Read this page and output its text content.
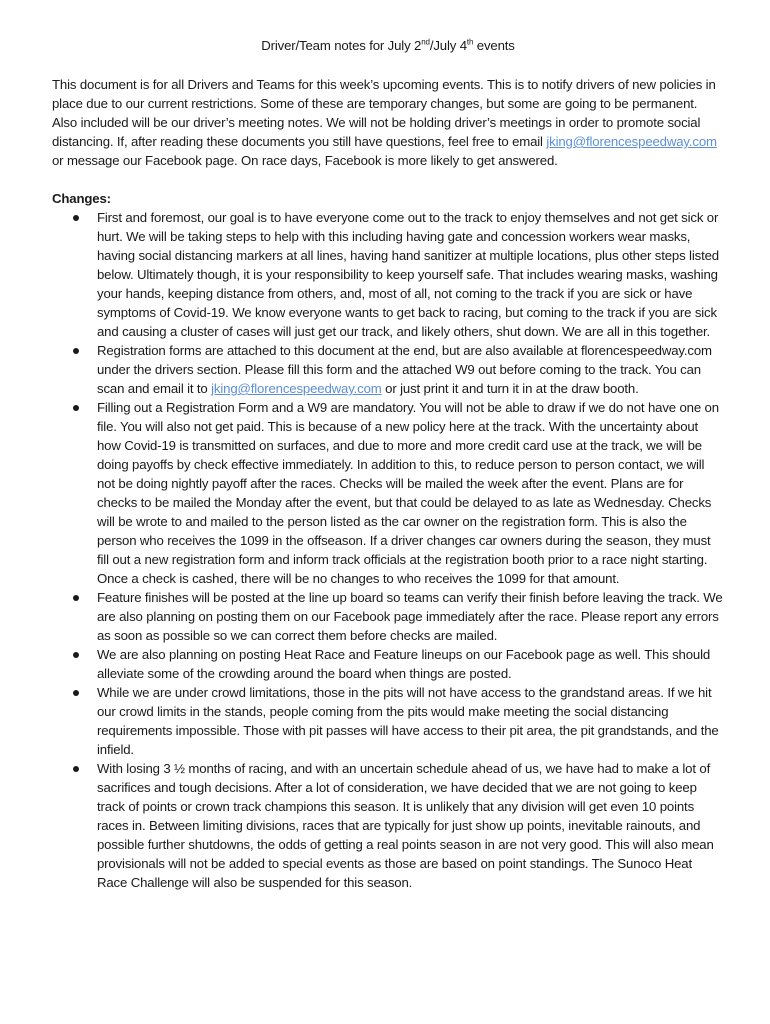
Driver/Team notes for July 2nd/July 4th events

This document is for all Drivers and Teams for this week’s upcoming events. This is to notify drivers of new policies in place due to our current restrictions. Some of these are temporary changes, but some are going to be permanent. Also included will be our driver’s meeting notes. We will not be holding driver’s meetings in order to promote social distancing. If, after reading these documents you still have questions, feel free to email jking@florencespeedway.com or message our Facebook page. On race days, Facebook is more likely to get answered.

Changes:

First and foremost, our goal is to have everyone come out to the track to enjoy themselves and not get sick or hurt. We will be taking steps to help with this including having gate and concession workers wear masks, having social distancing markers at all lines, having hand sanitizer at multiple locations, plus other steps listed below. Ultimately though, it is your responsibility to keep yourself safe. That includes wearing masks, washing your hands, keeping distance from others, and, most of all, not coming to the track if you are sick or have symptoms of Covid-19. We know everyone wants to get back to racing, but coming to the track if you are sick and causing a cluster of cases will just get our track, and likely others, shut down. We are all in this together.
Registration forms are attached to this document at the end, but are also available at florencespeedway.com under the drivers section. Please fill this form and the attached W9 out before coming to the track. You can scan and email it to jking@florencespeedway.com or just print it and turn it in at the draw booth.
Filling out a Registration Form and a W9 are mandatory. You will not be able to draw if we do not have one on file. You will also not get paid. This is because of a new policy here at the track. With the uncertainty about how Covid-19 is transmitted on surfaces, and due to more and more credit card use at the track, we will be doing payoffs by check effective immediately. In addition to this, to reduce person to person contact, we will not be doing nightly payoff after the races. Checks will be mailed the week after the event. Plans are for checks to be mailed the Monday after the event, but that could be delayed to as late as Wednesday. Checks will be wrote to and mailed to the person listed as the car owner on the registration form. This is also the person who receives the 1099 in the offseason. If a driver changes car owners during the season, they must fill out a new registration form and inform track officials at the registration booth prior to a race night starting. Once a check is cashed, there will be no changes to who receives the 1099 for that amount.
Feature finishes will be posted at the line up board so teams can verify their finish before leaving the track. We are also planning on posting them on our Facebook page immediately after the race. Please report any errors as soon as possible so we can correct them before checks are mailed.
We are also planning on posting Heat Race and Feature lineups on our Facebook page as well. This should alleviate some of the crowding around the board when things are posted.
While we are under crowd limitations, those in the pits will not have access to the grandstand areas. If we hit our crowd limits in the stands, people coming from the pits would make meeting the social distancing requirements impossible. Those with pit passes will have access to their pit area, the pit grandstands, and the infield.
With losing 3 ½ months of racing, and with an uncertain schedule ahead of us, we have had to make a lot of sacrifices and tough decisions. After a lot of consideration, we have decided that we are not going to keep track of points or crown track champions this season. It is unlikely that any division will get even 10 points races in. Between limiting divisions, races that are typically for just show up points, inevitable rainouts, and possible further shutdowns, the odds of getting a real points season in are not very good. This will also mean provisionals will not be added to special events as those are based on point standings. The Sunoco Heat Race Challenge will also be suspended for this season.
